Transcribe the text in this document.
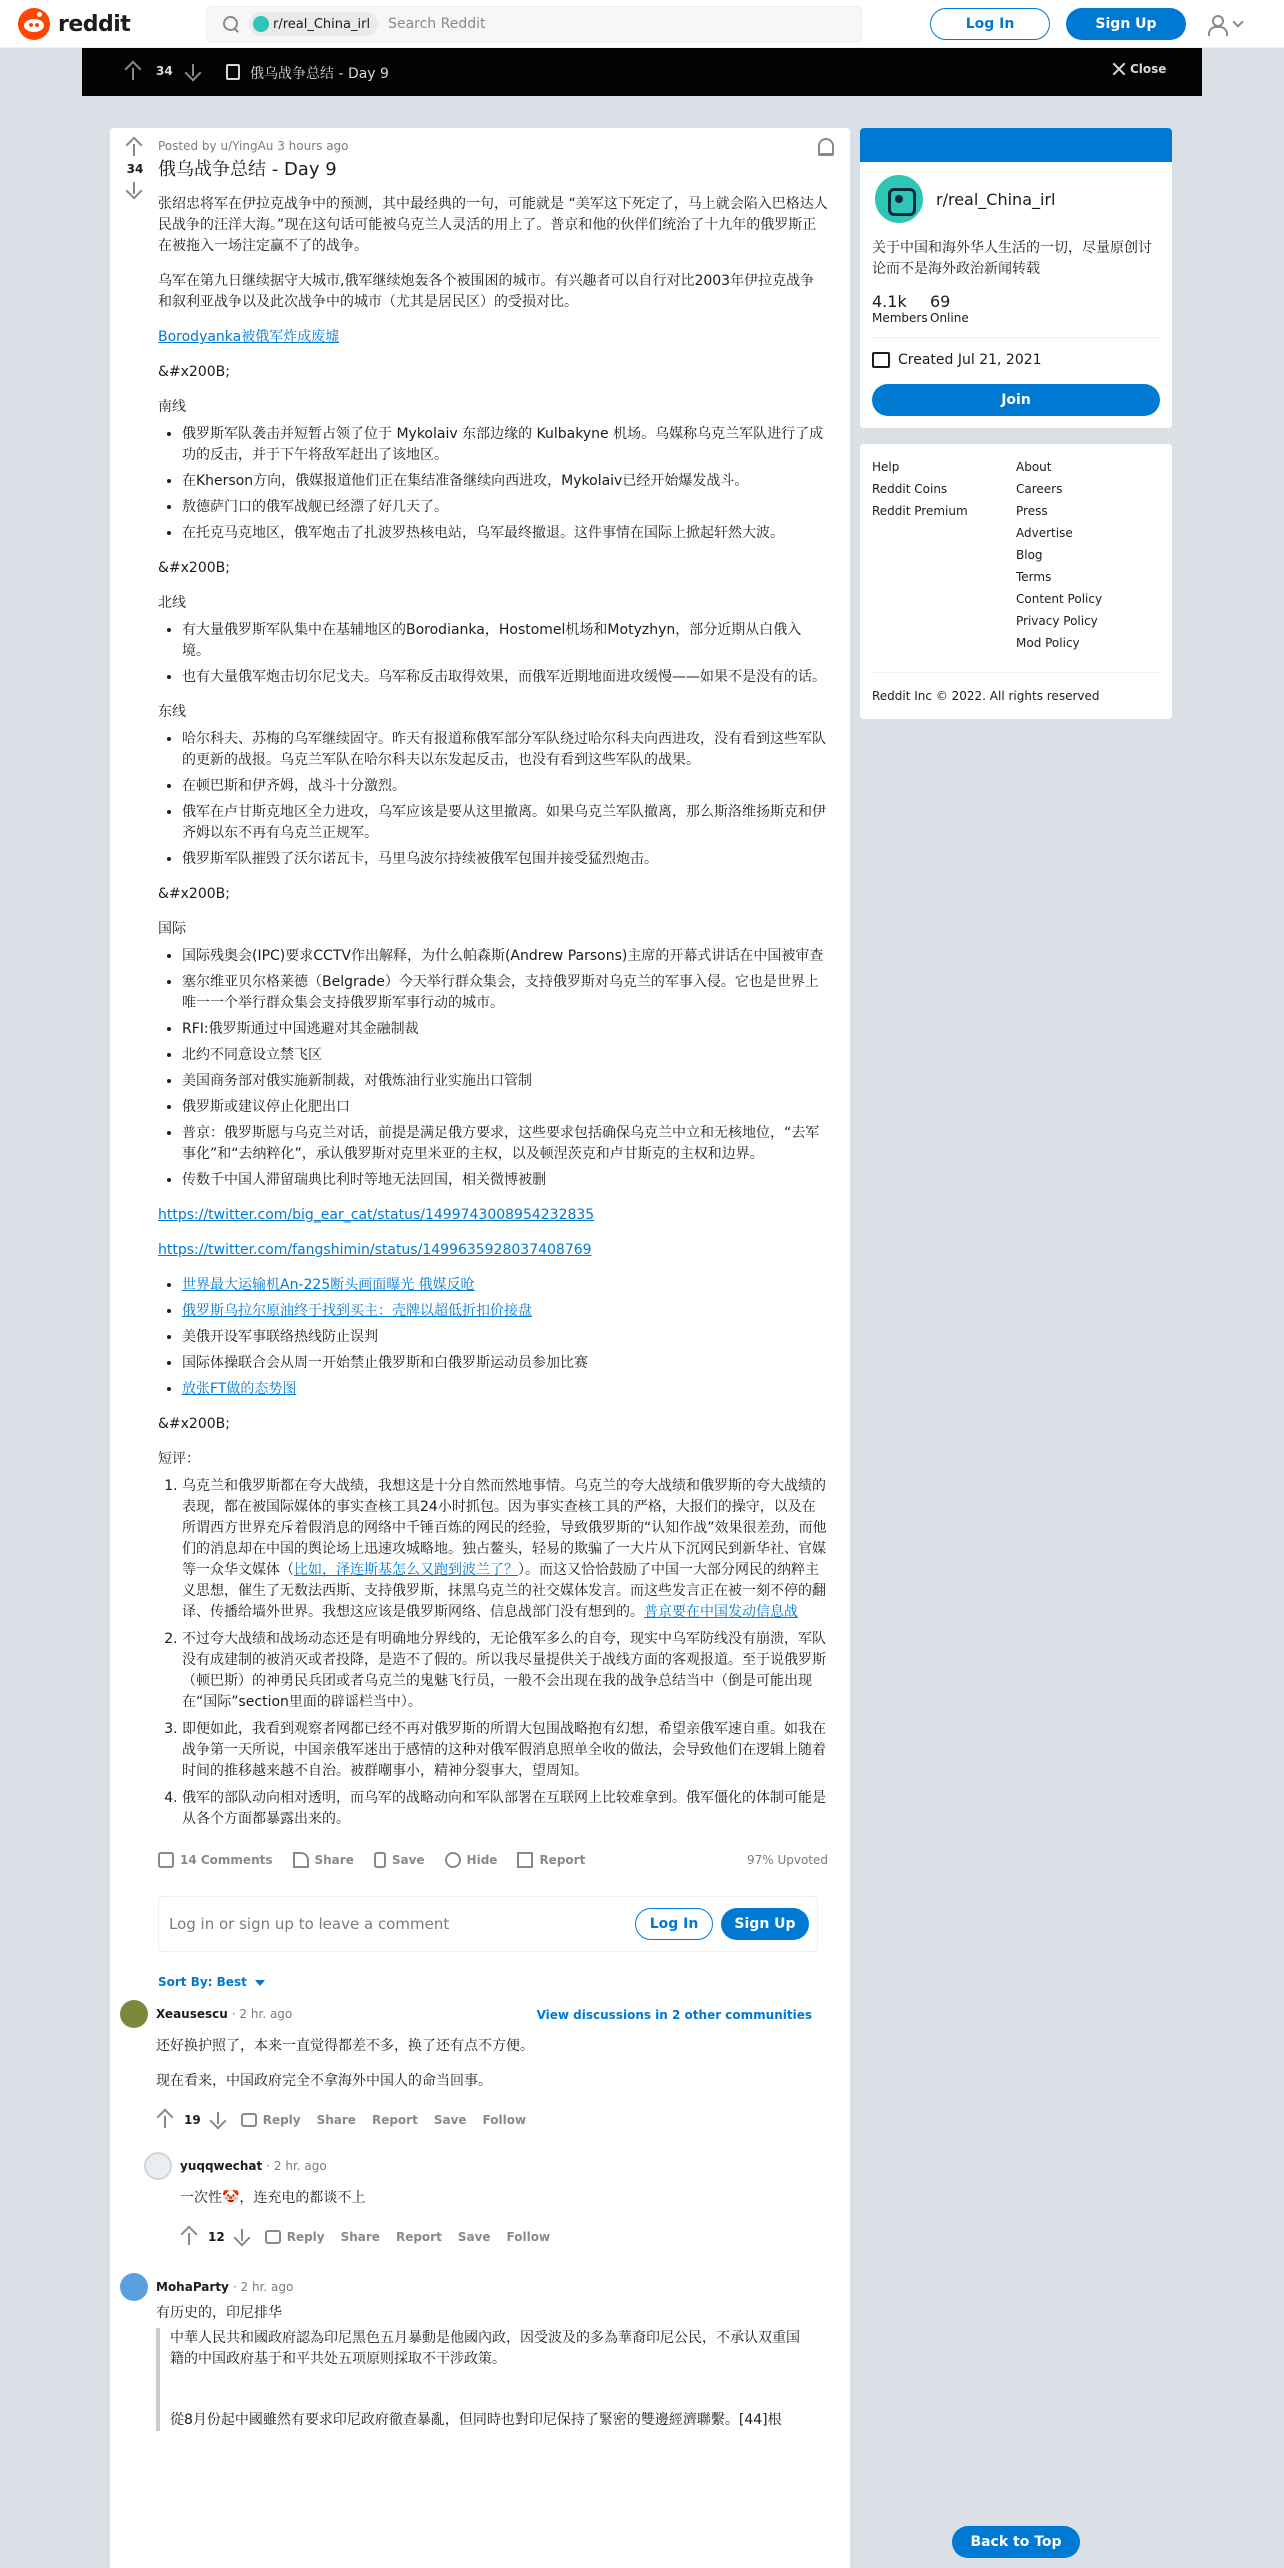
reddit	r/real_China_irl
Search Reddit	Log In	Sign Up
34	俄乌战争总结 - Day 9	Close
34
Posted by u/YingAu 3 hours ago
俄乌战争总结 - Day 9

张绍忠将军在伊拉克战争中的预测，其中最经典的一句，可能就是 “美军这下死定了，马上就会陷入巴格达人民战争的汪洋大海。”现在这句话可能被乌克兰人灵活的用上了。普京和他的伙伴们统治了十九年的俄罗斯正在被拖入一场注定赢不了的战争。

乌军在第九日继续据守大城市,俄军继续炮轰各个被围困的城市。有兴趣者可以自行对比2003年伊拉克战争和叙利亚战争以及此次战争中的城市（尤其是居民区）的受损对比。

Borodyanka被俄军炸成废墟

&#x200B;

南线

• 俄罗斯军队袭击并短暂占领了位于 Mykolaiv 东部边缘的 Kulbakyne 机场。乌媒称乌克兰军队进行了成功的反击，并于下午将敌军赶出了该地区。
• 在Kherson方向，俄媒报道他们正在集结准备继续向西进攻，Mykolaiv已经开始爆发战斗。
• 敖德萨门口的俄军战舰已经漂了好几天了。
• 在托克马克地区，俄军炮击了扎波罗热核电站，乌军最终撤退。这件事情在国际上掀起轩然大波。

&#x200B;

北线

• 有大量俄罗斯军队集中在基辅地区的Borodianka，Hostomel机场和Motyzhyn，部分近期从白俄入境。
• 也有大量俄军炮击切尔尼戈夫。乌军称反击取得效果，而俄军近期地面进攻缓慢——如果不是没有的话。

东线

• 哈尔科夫、苏梅的乌军继续固守。昨天有报道称俄军部分军队绕过哈尔科夫向西进攻，没有看到这些军队的更新的战报。乌克兰军队在哈尔科夫以东发起反击，也没有看到这些军队的战果。
• 在顿巴斯和伊齐姆，战斗十分激烈。
• 俄军在卢甘斯克地区全力进攻，乌军应该是要从这里撤离。如果乌克兰军队撤离，那么斯洛维扬斯克和伊齐姆以东不再有乌克兰正规军。
• 俄罗斯军队摧毁了沃尔诺瓦卡，马里乌波尔持续被俄军包围并接受猛烈炮击。

&#x200B;

国际

• 国际残奥会(IPC)要求CCTV作出解释，为什么帕森斯(Andrew Parsons)主席的开幕式讲话在中国被审查
• 塞尔维亚贝尔格莱德（Belgrade）今天举行群众集会，支持俄罗斯对乌克兰的军事入侵。它也是世界上唯一一个举行群众集会支持俄罗斯军事行动的城市。
• RFI:俄罗斯通过中国逃避对其金融制裁
• 北约不同意设立禁飞区
• 美国商务部对俄实施新制裁，对俄炼油行业实施出口管制
• 俄罗斯或建议停止化肥出口
• 普京：俄罗斯愿与乌克兰对话，前提是满足俄方要求，这些要求包括确保乌克兰中立和无核地位，“去军事化”和“去纳粹化”，承认俄罗斯对克里米亚的主权，以及顿涅茨克和卢甘斯克的主权和边界。
• 传数千中国人滞留瑞典比利时等地无法回国，相关微博被删

https://twitter.com/big_ear_cat/status/1499743008954232835

https://twitter.com/fangshimin/status/1499635928037408769

• 世界最大运输机An-225断头画面曝光 俄媒反呛
• 俄罗斯乌拉尔原油终于找到买主：壳牌以超低折扣价接盘
• 美俄开设军事联络热线防止误判
• 国际体操联合会从周一开始禁止俄罗斯和白俄罗斯运动员参加比赛
• 放张FT做的态势图

&#x200B;

短评：

1. 乌克兰和俄罗斯都在夸大战绩，我想这是十分自然而然地事情。乌克兰的夸大战绩和俄罗斯的夸大战绩的表现，都在被国际媒体的事实查核工具24小时抓包。因为事实查核工具的严格，大报们的操守，以及在所谓西方世界充斥着假消息的网络中千锤百炼的网民的经验，导致俄罗斯的“认知作战”效果很差劲，而他们的消息却在中国的舆论场上迅速攻城略地。独占鳌头，轻易的欺骗了一大片从下沉网民到新华社、官媒等一众华文媒体（比如，泽连斯基怎么又跑到波兰了？）。而这又恰恰鼓励了中国一大部分网民的纳粹主义思想，催生了无数法西斯、支持俄罗斯，抹黑乌克兰的社交媒体发言。而这些发言正在被一刻不停的翻译、传播给墙外世界。我想这应该是俄罗斯网络、信息战部门没有想到的。普京要在中国发动信息战
2. 不过夸大战绩和战场动态还是有明确地分界线的，无论俄军多么的自夸，现实中乌军防线没有崩溃，军队没有成建制的被消灭或者投降，是造不了假的。所以我尽量提供关于战线方面的客观报道。至于说俄罗斯（顿巴斯）的神勇民兵团或者乌克兰的鬼魅飞行员，一般不会出现在我的战争总结当中（倒是可能出现在“国际”section里面的辟谣栏当中）。
3. 即便如此，我看到观察者网都已经不再对俄罗斯的所谓大包围战略抱有幻想，希望亲俄军速自重。如我在战争第一天所说，中国亲俄军迷出于感情的这种对俄军假消息照单全收的做法，会导致他们在逻辑上随着时间的推移越来越不自治。被群嘲事小，精神分裂事大，望周知。
4. 俄军的部队动向相对透明，而乌军的战略动向和军队部署在互联网上比较难拿到。俄军僵化的体制可能是从各个方面都暴露出来的。
14 Comments	Share	Save	Hide	Report	97% Upvoted
Log in or sign up to leave a comment	Log In	Sign Up
Sort By: Best
View discussions in 2 other communities
Xeausescu · 2 hr. ago

还好换护照了，本来一直觉得都差不多，换了还有点不方便。

现在看来，中国政府完全不拿海外中国人的命当回事。

19	Reply Share Report Save Follow
yuqqwechat · 2 hr. ago

一次性🤡，连充电的都谈不上

12	Reply Share Report Save Follow
MohaParty · 2 hr. ago

有历史的，印尼排华

中華人民共和國政府認為印尼黑色五月暴動是他國內政，因受波及的多為華裔印尼公民，不承认双重国籍的中国政府基于和平共处五项原则採取不干涉政策。

從8月份起中國雖然有要求印尼政府徹查暴亂，但同時也對印尼保持了緊密的雙邊經濟聯繫。[44]根

r/real_China_irl
关于中国和海外华人生活的一切，尽量原创讨论而不是海外政治新闻转载
4.1k
Members
69
Online
Created Jul 21, 2021
Join
Help
Reddit Coins
Reddit Premium
About
Careers
Press
Advertise
Blog
Terms
Content Policy
Privacy Policy
Mod Policy
Reddit Inc © 2022. All rights reserved
Back to Top
